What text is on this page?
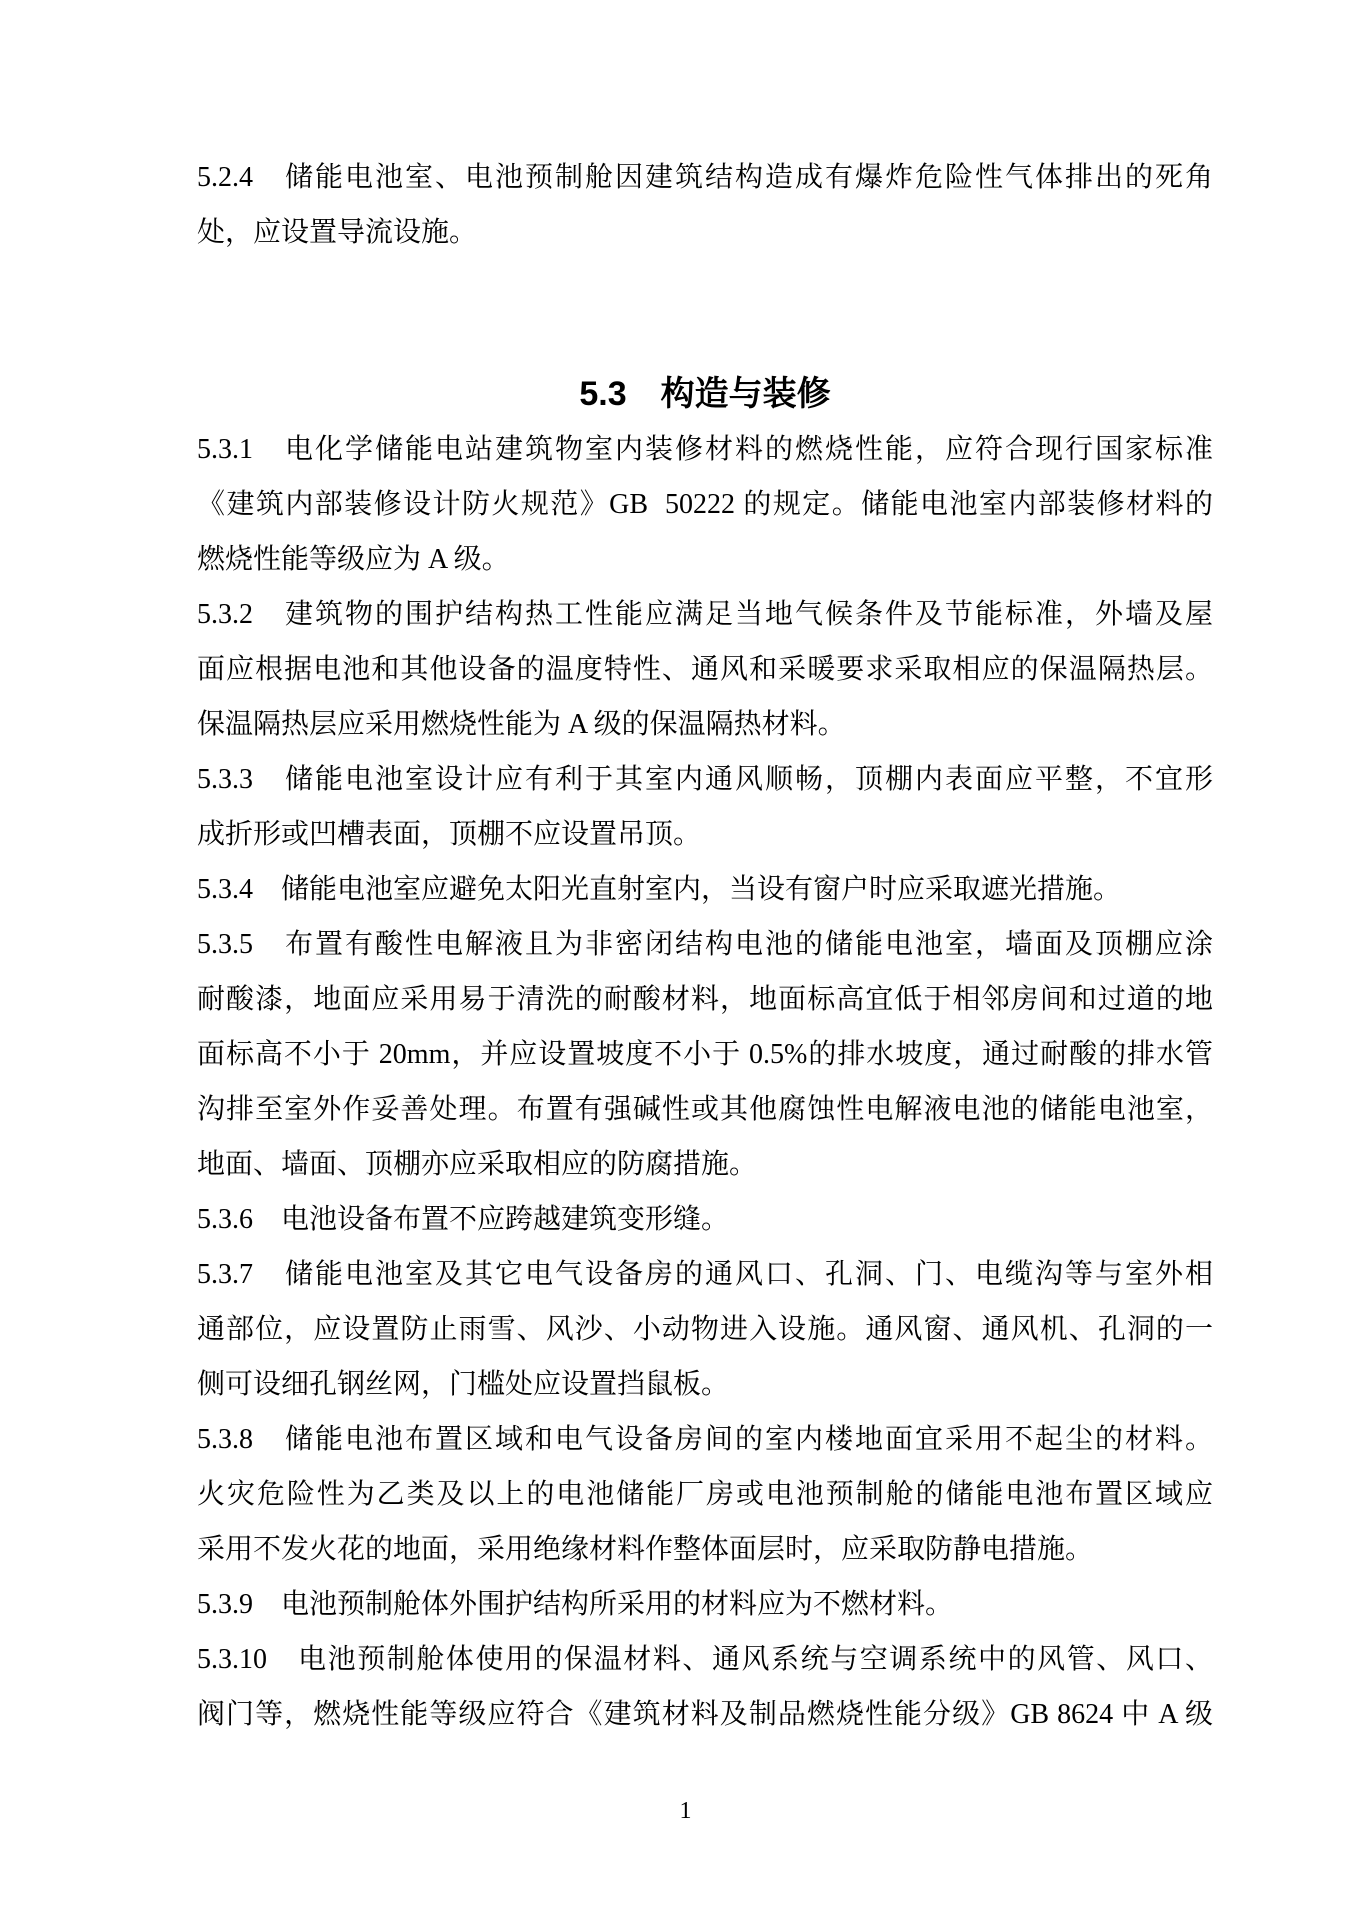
5.2.4　储能电池室、电池预制舱因建筑结构造成有爆炸危险性气体排出的死角
处，应设置导流设施。
5.3　构造与装修
5.3.1　电化学储能电站建筑物室内装修材料的燃烧性能，应符合现行国家标准
《建筑内部装修设计防火规范》GB  50222 的规定。储能电池室内部装修材料的
燃烧性能等级应为 A 级。
5.3.2　建筑物的围护结构热工性能应满足当地气候条件及节能标准，外墙及屋
面应根据电池和其他设备的温度特性、通风和采暖要求采取相应的保温隔热层。
保温隔热层应采用燃烧性能为 A 级的保温隔热材料。
5.3.3　储能电池室设计应有利于其室内通风顺畅，顶棚内表面应平整，不宜形
成折形或凹槽表面，顶棚不应设置吊顶。
5.3.4　储能电池室应避免太阳光直射室内，当设有窗户时应采取遮光措施。
5.3.5　布置有酸性电解液且为非密闭结构电池的储能电池室，墙面及顶棚应涂
耐酸漆，地面应采用易于清洗的耐酸材料，地面标高宜低于相邻房间和过道的地
面标高不小于 20mm，并应设置坡度不小于 0.5%的排水坡度，通过耐酸的排水管
沟排至室外作妥善处理。布置有强碱性或其他腐蚀性电解液电池的储能电池室，
地面、墙面、顶棚亦应采取相应的防腐措施。
5.3.6　电池设备布置不应跨越建筑变形缝。
5.3.7　储能电池室及其它电气设备房的通风口、孔洞、门、电缆沟等与室外相
通部位，应设置防止雨雪、风沙、小动物进入设施。通风窗、通风机、孔洞的一
侧可设细孔钢丝网，门槛处应设置挡鼠板。
5.3.8　储能电池布置区域和电气设备房间的室内楼地面宜采用不起尘的材料。
火灾危险性为乙类及以上的电池储能厂房或电池预制舱的储能电池布置区域应
采用不发火花的地面，采用绝缘材料作整体面层时，应采取防静电措施。
5.3.9　电池预制舱体外围护结构所采用的材料应为不燃材料。
5.3.10　电池预制舱体使用的保温材料、通风系统与空调系统中的风管、风口、
阀门等，燃烧性能等级应符合《建筑材料及制品燃烧性能分级》GB 8624 中 A 级
1
